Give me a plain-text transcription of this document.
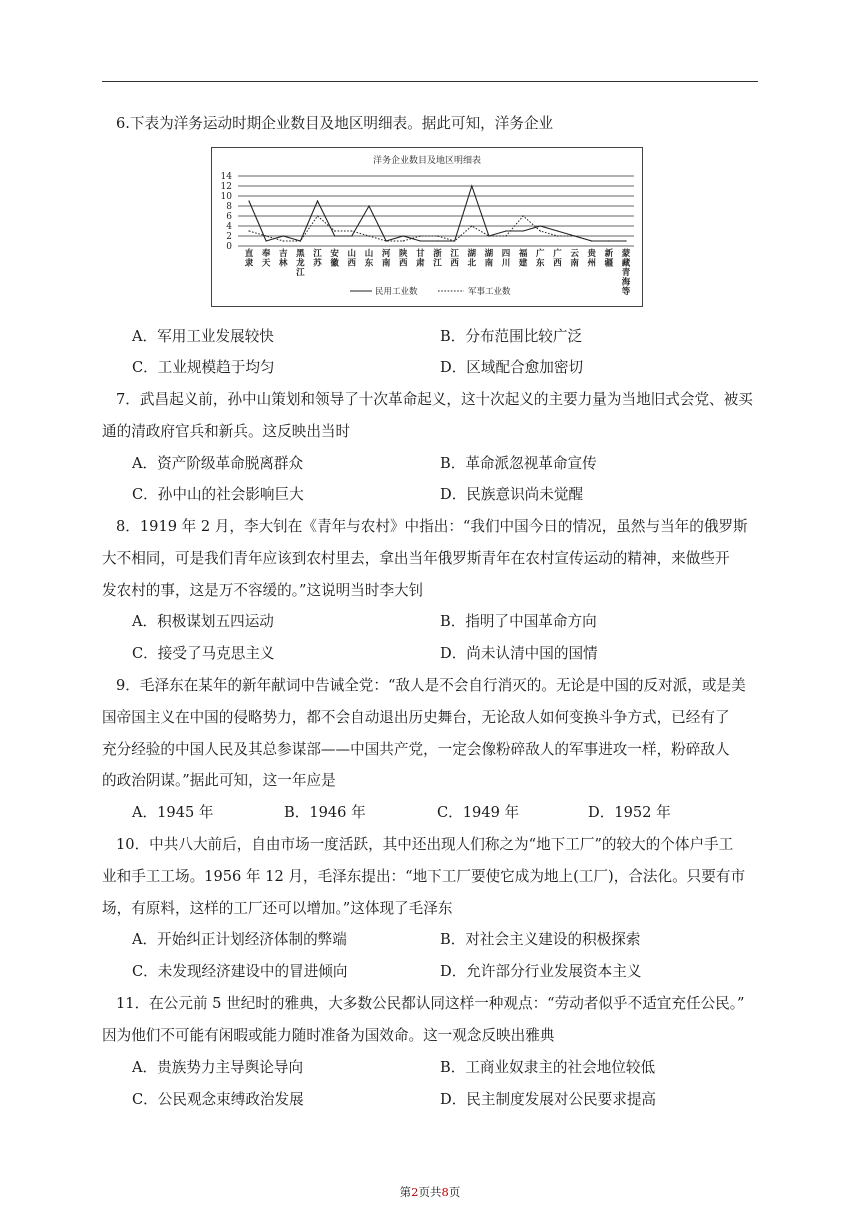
6.下表为洋务运动时期企业数目及地区明细表。据此可知，洋务企业
洋务企业数目及地区明细表
0
2
4
6
8
10
12
14
直隶
奉天
吉林
黑龙江
江苏
安徽
山西
山东
河南
陕西
甘肃
浙江
江西
湖北
湖南
四川
福建
广东
广西
云南
贵州
新疆
蒙藏青海等
民用工业数	军事工业数
A．军用工业发展较快	B．分布范围比较广泛
C．工业规模趋于均匀	D．区域配合愈加密切
7．武昌起义前，孙中山策划和领导了十次革命起义，这十次起义的主要力量为当地旧式会党、被买
通的清政府官兵和新兵。这反映出当时
A．资产阶级革命脱离群众	B．革命派忽视革命宣传
C．孙中山的社会影响巨大	D．民族意识尚未觉醒
8．1919 年 2 月，李大钊在《青年与农村》中指出：“我们中国今日的情况，虽然与当年的俄罗斯
大不相同，可是我们青年应该到农村里去，拿出当年俄罗斯青年在农村宣传运动的精神，来做些开
发农村的事，这是万不容缓的。”这说明当时李大钊
A．积极谋划五四运动	B．指明了中国革命方向
C．接受了马克思主义	D．尚未认清中国的国情
9．毛泽东在某年的新年献词中告诫全党：“敌人是不会自行消灭的。无论是中国的反对派，或是美
国帝国主义在中国的侵略势力，都不会自动退出历史舞台，无论敌人如何变换斗争方式，已经有了
充分经验的中国人民及其总参谋部——中国共产党，一定会像粉碎敌人的军事进攻一样，粉碎敌人
的政治阴谋。”据此可知，这一年应是
A．1945 年	B．1946 年	C．1949 年	D．1952 年
10．中共八大前后，自由市场一度活跃，其中还出现人们称之为“地下工厂”的较大的个体户手工
业和手工工场。1956 年 12 月，毛泽东提出：“地下工厂要使它成为地上(工厂)，合法化。只要有市
场，有原料，这样的工厂还可以增加。”这体现了毛泽东
A．开始纠正计划经济体制的弊端	B．对社会主义建设的积极探索
C．未发现经济建设中的冒进倾向	D．允许部分行业发展资本主义
11．在公元前 5 世纪时的雅典，大多数公民都认同这样一种观点：“劳动者似乎不适宜充任公民。”
因为他们不可能有闲暇或能力随时准备为国效命。这一观念反映出雅典
A．贵族势力主导舆论导向	B．工商业奴隶主的社会地位较低
C．公民观念束缚政治发展	D．民主制度发展对公民要求提高
第2页共8页
